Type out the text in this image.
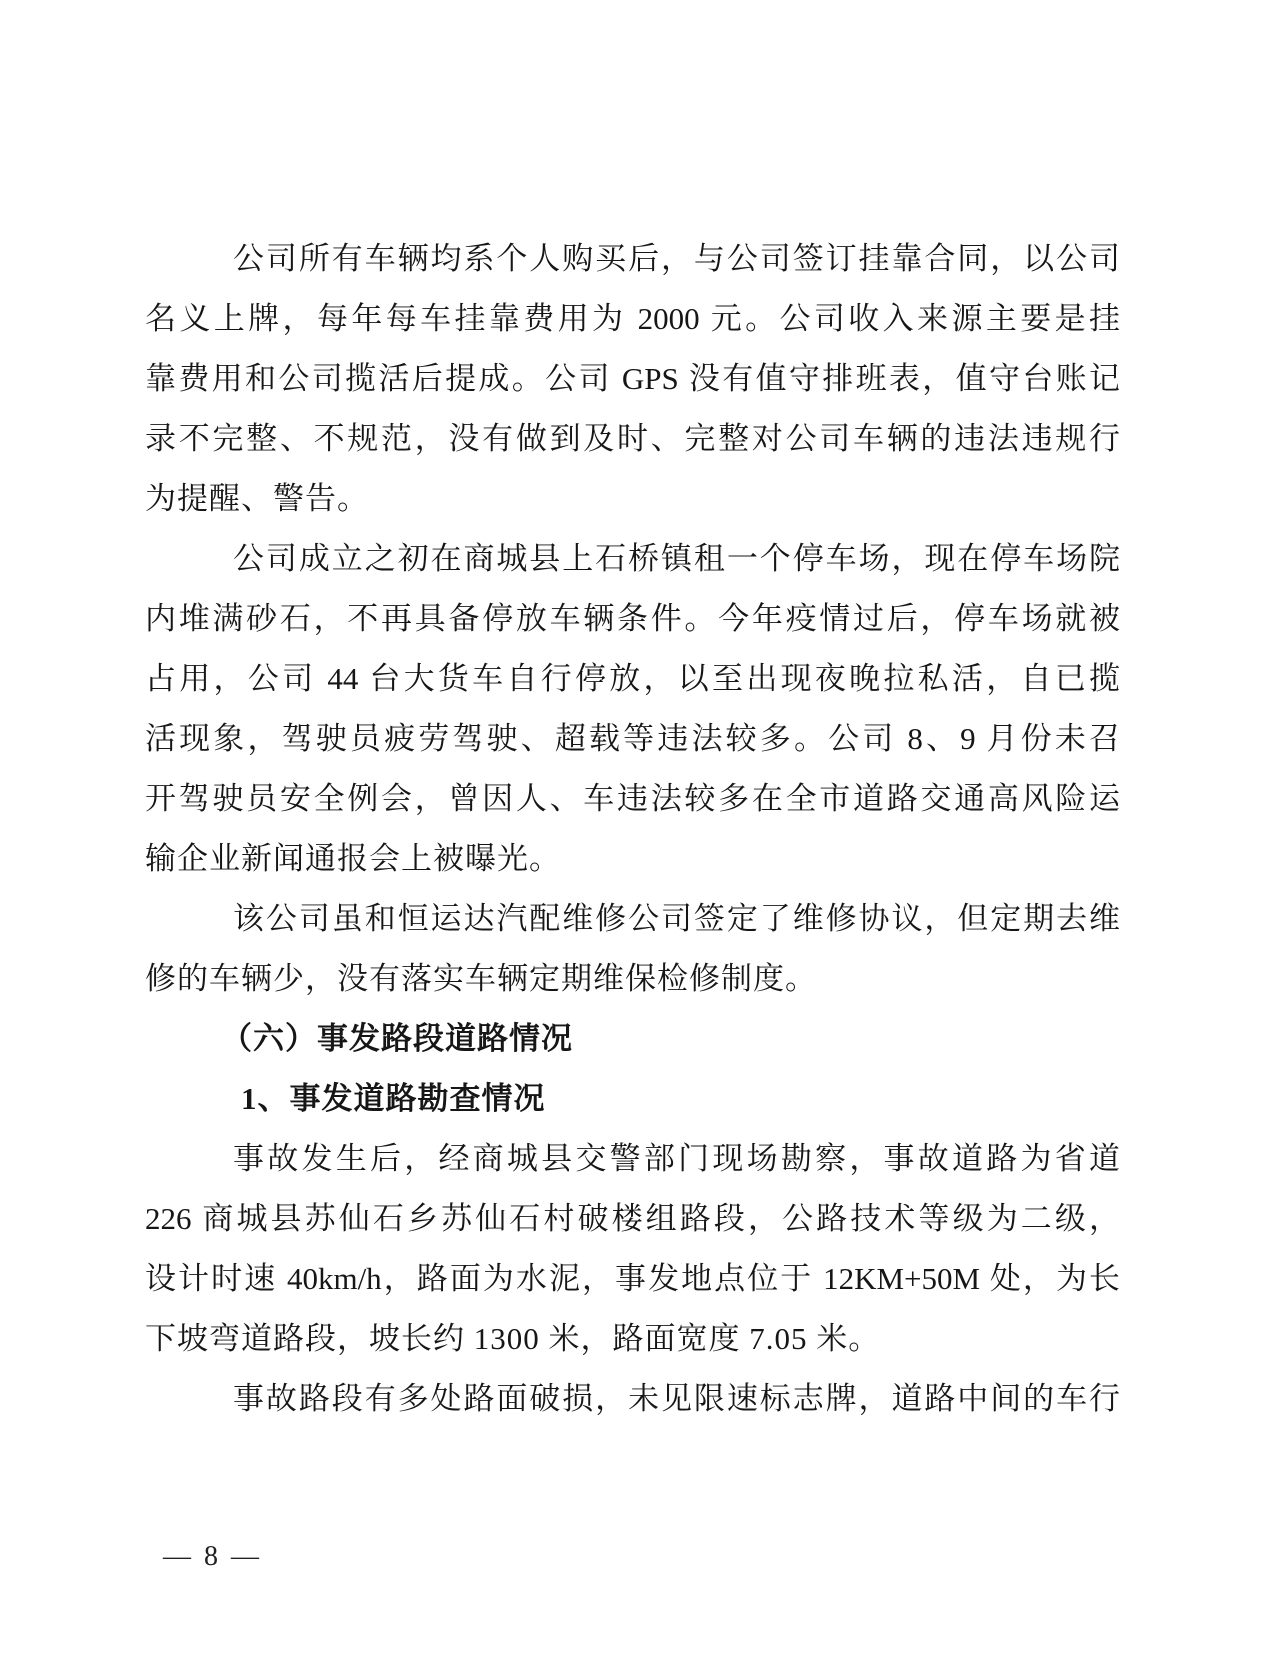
公司所有车辆均系个人购买后，与公司签订挂靠合同，以公司
名义上牌，每年每车挂靠费用为 2000 元。公司收入来源主要是挂
靠费用和公司揽活后提成。公司 GPS 没有值守排班表，值守台账记
录不完整、不规范，没有做到及时、完整对公司车辆的违法违规行
为提醒、警告。
公司成立之初在商城县上石桥镇租一个停车场，现在停车场院
内堆满砂石，不再具备停放车辆条件。今年疫情过后，停车场就被
占用，公司 44 台大货车自行停放，以至出现夜晚拉私活，自已揽
活现象，驾驶员疲劳驾驶、超载等违法较多。公司 8、9 月份未召
开驾驶员安全例会，曾因人、车违法较多在全市道路交通高风险运
输企业新闻通报会上被曝光。
该公司虽和恒运达汽配维修公司签定了维修协议，但定期去维
修的车辆少，没有落实车辆定期维保检修制度。
（六）事发路段道路情况
1、事发道路勘查情况
事故发生后，经商城县交警部门现场勘察，事故道路为省道
226 商城县苏仙石乡苏仙石村破楼组路段，公路技术等级为二级，
设计时速 40km/h，路面为水泥，事发地点位于 12KM+50M 处，为长
下坡弯道路段，坡长约 1300 米，路面宽度 7.05 米。
事故路段有多处路面破损，未见限速标志牌，道路中间的车行
— 8 —
